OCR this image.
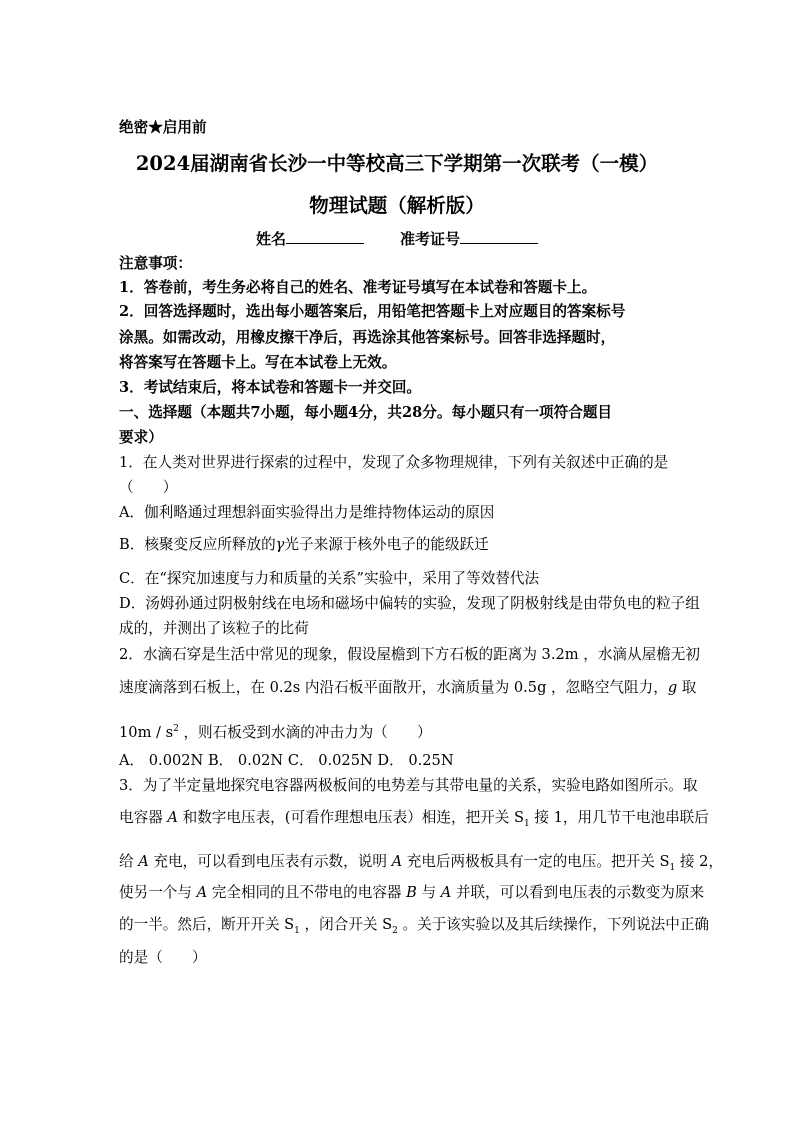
绝密★启用前
2024届湖南省长沙一中等校高三下学期第一次联考（一模）
物理试题（解析版）
姓名	准考证号
注意事项：
1．答卷前，考生务必将自己的姓名、准考证号填写在本试卷和答题卡上。
2．回答选择题时，选出每小题答案后，用铅笔把答题卡上对应题目的答案标号
涂黑。如需改动，用橡皮擦干净后，再选涂其他答案标号。回答非选择题时，
将答案写在答题卡上。写在本试卷上无效。
3．考试结束后，将本试卷和答题卡一并交回。
一、选择题（本题共7小题，每小题4分，共28分。每小题只有一项符合题目
要求）
1．在人类对世界进行探索的过程中，发现了众多物理规律，下列有关叙述中正确的是
（　　）
A．伽利略通过理想斜面实验得出力是维持物体运动的原因
B．核聚变反应所释放的γ光子来源于核外电子的能级跃迁
C．在“探究加速度与力和质量的关系”实验中，采用了等效替代法
D．汤姆孙通过阴极射线在电场和磁场中偏转的实验，发现了阴极射线是由带负电的粒子组
成的，并测出了该粒子的比荷
2．水滴石穿是生活中常见的现象，假设屋檐到下方石板的距离为 3.2m ，水滴从屋檐无初
速度滴落到石板上，在 0.2s 内沿石板平面散开，水滴质量为 0.5g ，忽略空气阻力，g 取
$10m / s^2$ ，则石板受到水滴的冲击力为（　　）
A． 0.002N B． 0.02N C． 0.025N D． 0.25N
3．为了半定量地探究电容器两极板间的电势差与其带电量的关系，实验电路如图所示。取
电容器 A 和数字电压表，(可看作理想电压表）相连，把开关 $S_1$ 接 1，用几节干电池串联后
给 A 充电，可以看到电压表有示数，说明 A 充电后两极板具有一定的电压。把开关 $S_1$ 接 2，
使另一个与 A 完全相同的且不带电的电容器 B 与 A 并联，可以看到电压表的示数变为原来
的一半。然后，断开开关 $S_1$ ，闭合开关 $S_2$ 。关于该实验以及其后续操作，下列说法中正确
的是（　　）
